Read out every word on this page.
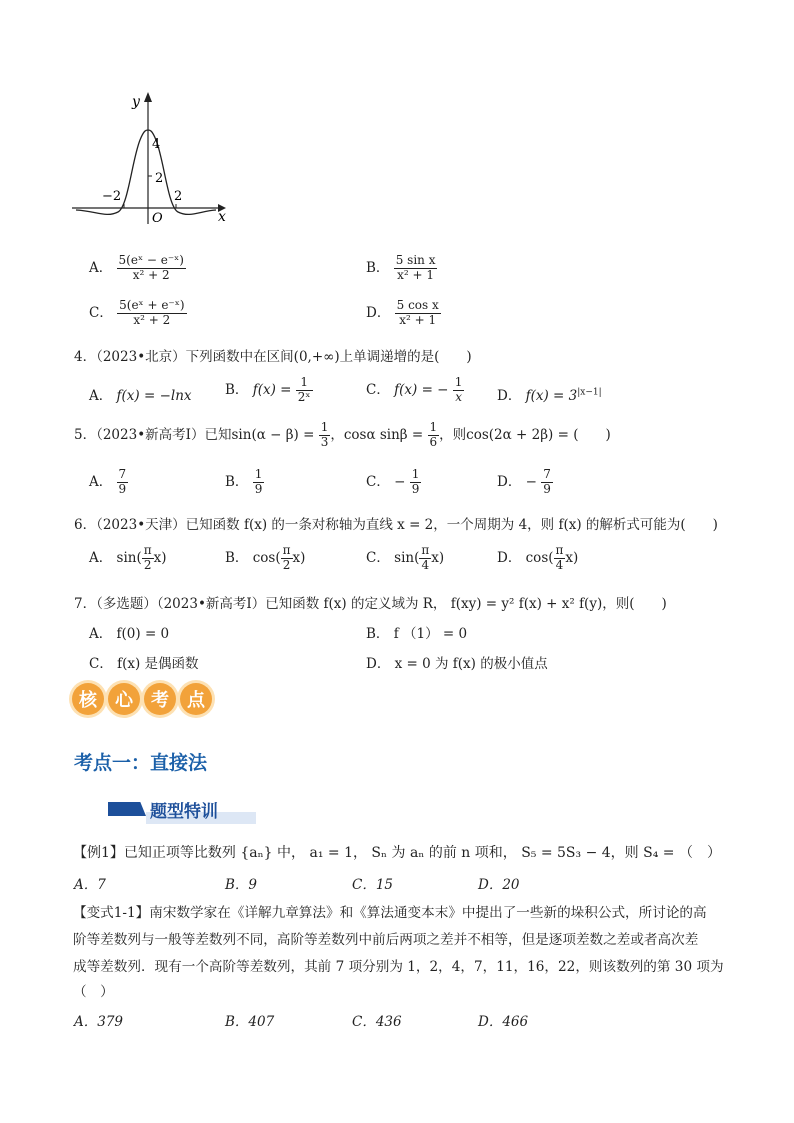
y
x
O
4
2
−2	2
A． $\frac{\text{5(eˣ − e⁻ˣ)}}{\text{x² + 2}}$	B． $\frac{\text{5 sin x}}{\text{x² + 1}}$
C． $\frac{\text{5(eˣ + e⁻ˣ)}}{\text{x² + 2}}$	D． $\frac{\text{5 cos x}}{\text{x² + 1}}$
4．（2023•北京）下列函数中在区间(0,+∞)上单调递增的是(　　)
A． f(x) = −lnx B． $f(x) = \frac{1}{\text{2ˣ}}$	C． f(x) = − $\frac{1}{x}$ D． $f(x) = 3^{|x-1|}$
5．（2023•新高考Ⅰ）已知$\sin(\alpha - \beta) = \frac{1}{3}$ ，cosα $\sin\beta = \frac{1}{6}$ ，则cos(2α + 2β) = (　　)
A． $\frac{7}{9}$	B． $\frac{1}{9}$	C． − $\frac{1}{9}$	D． − $\frac{7}{9}$
6．（2023•天津）已知函数 f(x) 的一条对称轴为直线 x = 2，一个周期为 4，则 f(x) 的解析式可能为(　　)
A． $\sin( \frac{\pi}{2} x)$	B． $\cos( \frac{\pi}{2} x)$	C． $\sin( \frac{\pi}{4} x)$	D． $\cos( \frac{\pi}{4} x)$
7．（多选题）（2023•新高考Ⅰ）已知函数 f(x) 的定义域为 R， f(xy) = y² f(x) + x² f(y)，则(　　)
A． f(0) = 0	B． f （1） = 0
C． f(x) 是偶函数	D． x = 0 为 f(x) 的极小值点
核	心	考	点
考点一：直接法
题型特训
【例1】已知正项等比数列 {aₙ} 中， a₁ = 1， Sₙ 为 aₙ 的前 n 项和， S₅ = 5S₃ − 4，则 S₄ = （　）
A．7	B．9	C．15	D．20
【变式1-1】南宋数学家在《详解九章算法》和《算法通变本末》中提出了一些新的垛积公式，所讨论的高
阶等差数列与一般等差数列不同，高阶等差数列中前后两项之差并不相等，但是逐项差数之差或者高次差
成等差数列．现有一个高阶等差数列，其前 7 项分别为 1，2，4，7，11，16，22，则该数列的第 30 项为
（　）
A．379	B．407	C．436	D．466
